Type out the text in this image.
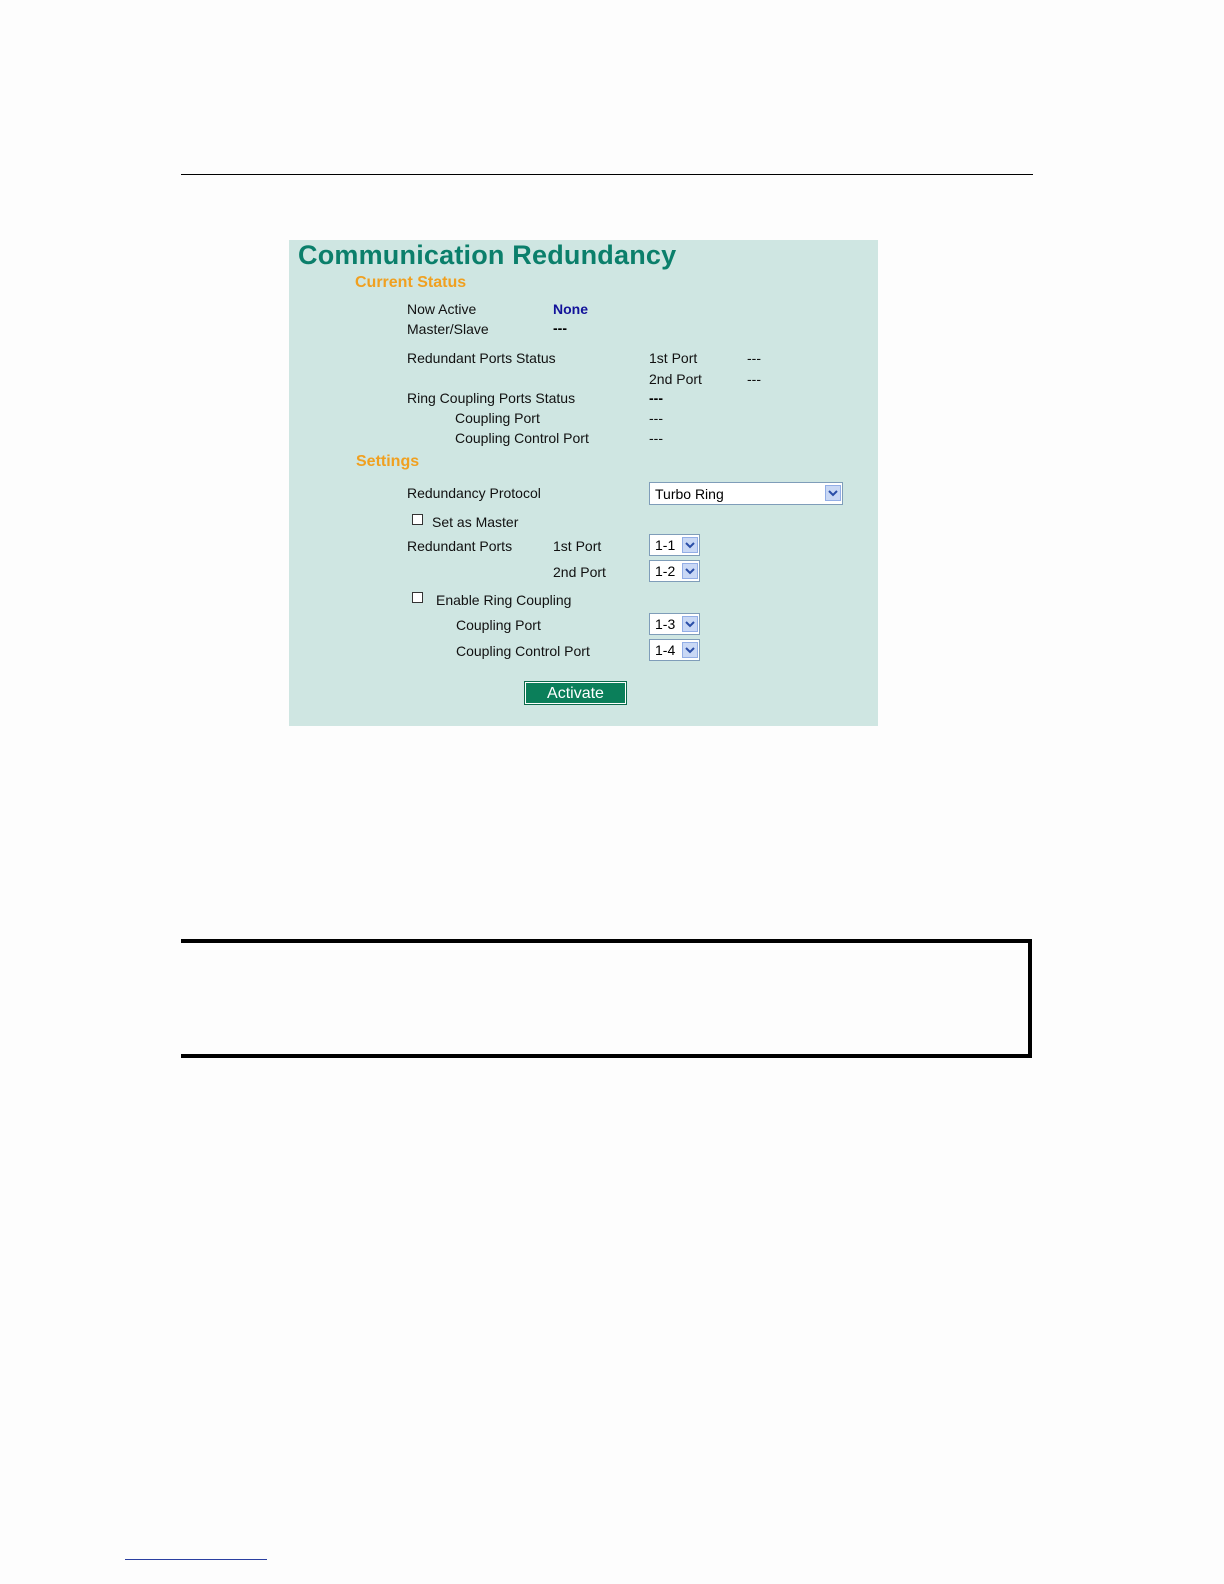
Communication Redundancy
Current Status
Now Active	None
Master/Slave	---
Redundant Ports Status	1st Port	---
2nd Port	---
Ring Coupling Ports Status	---
Coupling Port	---
Coupling Control Port	---
Settings
Redundancy Protocol	Turbo Ring
Set as Master
Redundant Ports	1st Port	1-1
2nd Port	1-2
Enable Ring Coupling
Coupling Port	1-3
Coupling Control Port	1-4
Activate
